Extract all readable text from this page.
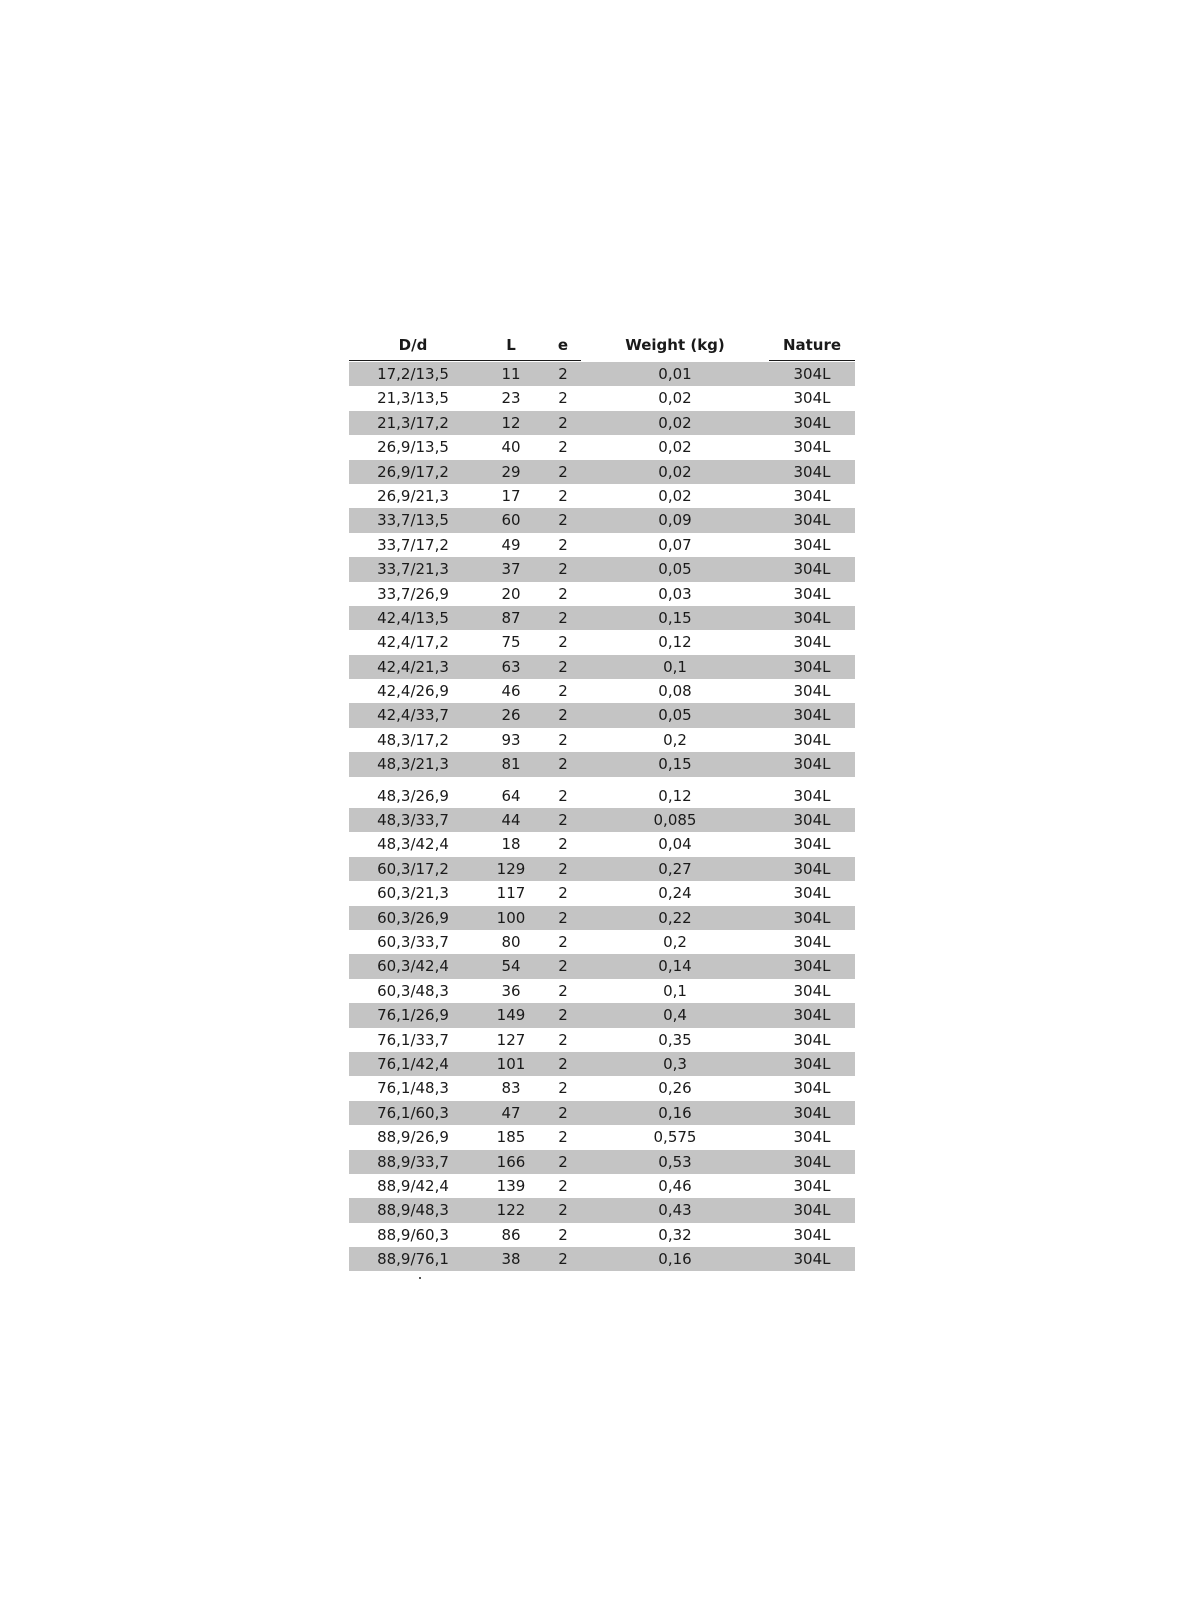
D/d	L	e	Weight (kg)	Nature
17,2/13,5	11	2	0,01	304L
21,3/13,5	23	2	0,02	304L
21,3/17,2	12	2	0,02	304L
26,9/13,5	40	2	0,02	304L
26,9/17,2	29	2	0,02	304L
26,9/21,3	17	2	0,02	304L
33,7/13,5	60	2	0,09	304L
33,7/17,2	49	2	0,07	304L
33,7/21,3	37	2	0,05	304L
33,7/26,9	20	2	0,03	304L
42,4/13,5	87	2	0,15	304L
42,4/17,2	75	2	0,12	304L
42,4/21,3	63	2	0,1	304L
42,4/26,9	46	2	0,08	304L
42,4/33,7	26	2	0,05	304L
48,3/17,2	93	2	0,2	304L
48,3/21,3	81	2	0,15	304L
48,3/26,9	64	2	0,12	304L
48,3/33,7	44	2	0,085	304L
48,3/42,4	18	2	0,04	304L
60,3/17,2	129	2	0,27	304L
60,3/21,3	117	2	0,24	304L
60,3/26,9	100	2	0,22	304L
60,3/33,7	80	2	0,2	304L
60,3/42,4	54	2	0,14	304L
60,3/48,3	36	2	0,1	304L
76,1/26,9	149	2	0,4	304L
76,1/33,7	127	2	0,35	304L
76,1/42,4	101	2	0,3	304L
76,1/48,3	83	2	0,26	304L
76,1/60,3	47	2	0,16	304L
88,9/26,9	185	2	0,575	304L
88,9/33,7	166	2	0,53	304L
88,9/42,4	139	2	0,46	304L
88,9/48,3	122	2	0,43	304L
88,9/60,3	86	2	0,32	304L
88,9/76,1	38	2	0,16	304L
